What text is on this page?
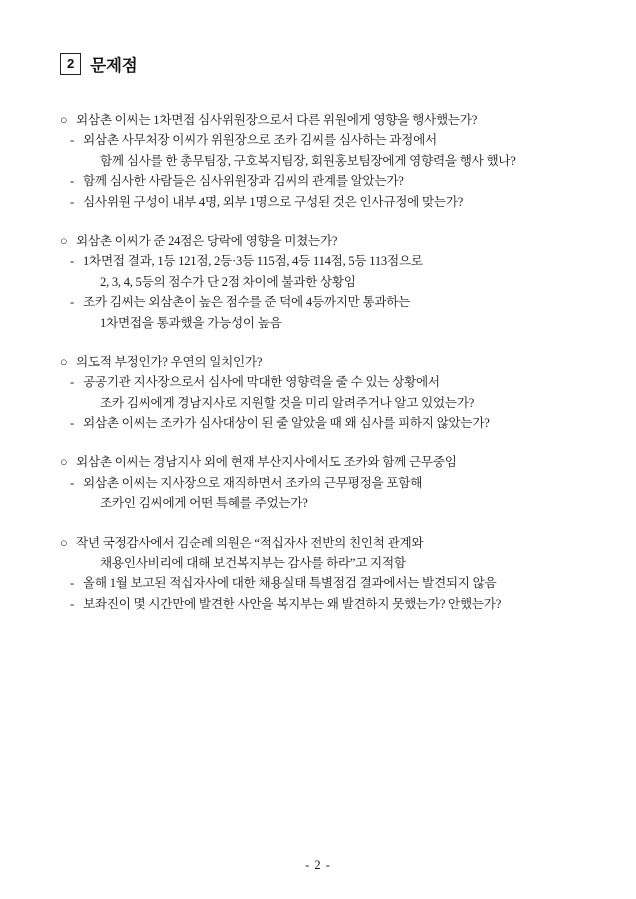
2 문제점
○ 외삼촌 이씨는 1차면접 심사위원장으로서 다른 위원에게 영향을 행사했는가?
- 외삼촌 사무처장 이씨가 위원장으로 조카 김씨를 심사하는 과정에서
함께 심사를 한 총무팀장, 구호복지팀장, 회원홍보팀장에게 영향력을 행사 했나?
- 함께 심사한 사람들은 심사위원장과 김씨의 관계를 알았는가?
- 심사위원 구성이 내부 4명, 외부 1명으로 구성된 것은 인사규정에 맞는가?
○ 외삼촌 이씨가 준 24점은 당락에 영향을 미쳤는가?
- 1차면접 결과, 1등 121점, 2등·3등 115점, 4등 114점, 5등 113점으로
2, 3, 4, 5등의 점수가 단 2점 차이에 불과한 상황임
- 조카 김씨는 외삼촌이 높은 점수를 준 덕에 4등까지만 통과하는
1차면접을 통과했을 가능성이 높음
○ 의도적 부정인가? 우연의 일치인가?
- 공공기관 지사장으로서 심사에 막대한 영향력을 줄 수 있는 상황에서
조카 김씨에게 경남지사로 지원할 것을 미리 알려주거나 알고 있었는가?
- 외삼촌 이씨는 조카가 심사대상이 된 줄 알았을 때 왜 심사를 피하지 않았는가?
○ 외삼촌 이씨는 경남지사 외에 현재 부산지사에서도 조카와 함께 근무중임
- 외삼촌 이씨는 지사장으로 재직하면서 조카의 근무평정을 포함해
조카인 김씨에게 어떤 특혜를 주었는가?
○ 작년 국정감사에서 김순례 의원은 “적십자사 전반의 친인척 관계와
채용인사비리에 대해 보건복지부는 감사를 하라”고 지적함
- 올해 1월 보고된 적십자사에 대한 채용실태 특별점검 결과에서는 발견되지 않음
- 보좌진이 몇 시간만에 발견한 사안을 복지부는 왜 발견하지 못했는가? 안했는가?
- 2 -
